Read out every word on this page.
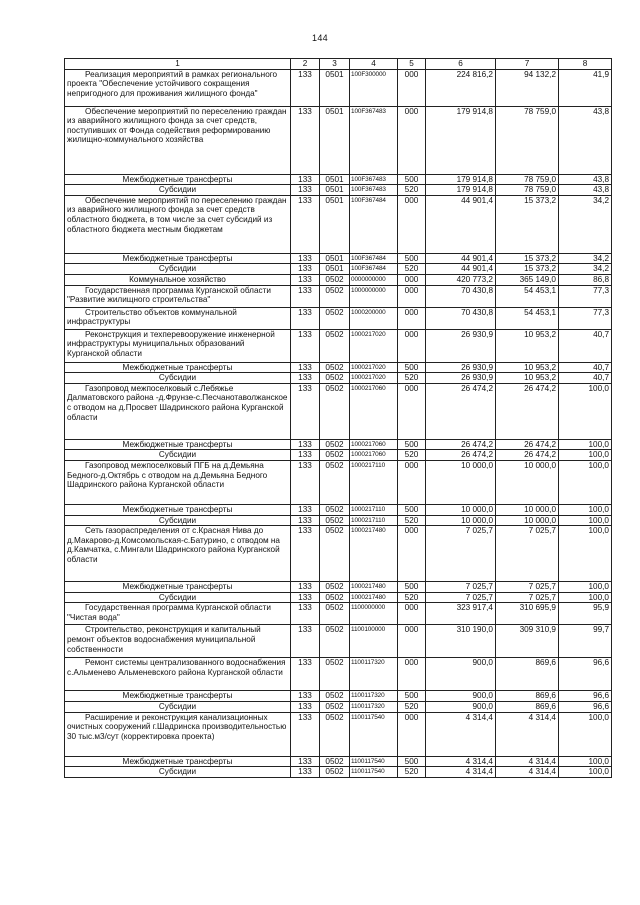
144
1	2	3	4	5	6	7	8

Реализация мероприятий в рамках регионального проекта "Обеспечение устойчивого сокращения непригодного для проживания жилищного фонда"	133	0501	100F300000	000	224 816,2	94 132,2	41,9

Обеспечение мероприятий по переселению граждан из аварийного жилищного фонда за счет средств, поступивших от Фонда содействия реформированию жилищно-коммунального хозяйства	133	0501	100F367483	000	179 914,8	78 759,0	43,8
Межбюджетные трансферты	133	0501	100F367483	500	179 914,8	78 759,0	43,8
Субсидии	133	0501	100F367483	520	179 914,8	78 759,0	43,8

Обеспечение мероприятий по переселению граждан из аварийного жилищного фонда за счет средств областного бюджета, в том числе за счет субсидий из областного бюджета местным бюджетам	133	0501	100F367484	000	44 901,4	15 373,2	34,2
Межбюджетные трансферты	133	0501	100F367484	500	44 901,4	15 373,2	34,2
Субсидии	133	0501	100F367484	520	44 901,4	15 373,2	34,2
Коммунальное хозяйство	133	0502	0000000000	000	420 773,2	365 149,0	86,8

Государственная программа Курганской области "Развитие жилищного строительства"	133	0502	1000000000	000	70 430,8	54 453,1	77,3

Строительство объектов коммунальной инфраструктуры	133	0502	1000200000	000	70 430,8	54 453,1	77,3

Реконструкция и техперевооружение инженерной инфраструктуры муниципальных образований Курганской области	133	0502	1000217020	000	26 930,9	10 953,2	40,7
Межбюджетные трансферты	133	0502	1000217020	500	26 930,9	10 953,2	40,7
Субсидии	133	0502	1000217020	520	26 930,9	10 953,2	40,7

Газопровод межпоселковый с.Лебяжье Далматовского района -д.Фрунзе-с.Песчанотаволжанское с отводом на д.Просвет Шадринского района Курганской области	133	0502	1000217060	000	26 474,2	26 474,2	100,0
Межбюджетные трансферты	133	0502	1000217060	500	26 474,2	26 474,2	100,0
Субсидии	133	0502	1000217060	520	26 474,2	26 474,2	100,0

Газопровод межпоселковый ПГБ на д.Демьяна Бедного-д.Октябрь с отводом на д.Демьяна Бедного Шадринского района Курганской области	133	0502	1000217110	000	10 000,0	10 000,0	100,0
Межбюджетные трансферты	133	0502	1000217110	500	10 000,0	10 000,0	100,0
Субсидии	133	0502	1000217110	520	10 000,0	10 000,0	100,0

Сеть газораспределения от с.Красная Нива до д.Макарово-д.Комсомольская-с.Батурино, с отводом на д.Камчатка, с.Мингали Шадринского района Курганской области	133	0502	1000217480	000	7 025,7	7 025,7	100,0
Межбюджетные трансферты	133	0502	1000217480	500	7 025,7	7 025,7	100,0
Субсидии	133	0502	1000217480	520	7 025,7	7 025,7	100,0

Государственная программа Курганской области "Чистая вода"	133	0502	1100000000	000	323 917,4	310 695,9	95,9

Строительство, реконструкция и капитальный ремонт объектов водоснабжения муниципальной собственности	133	0502	1100100000	000	310 190,0	309 310,9	99,7

Ремонт системы централизованного водоснабжения с.Альменево Альменевского района Курганской области	133	0502	1100117320	000	900,0	869,6	96,6
Межбюджетные трансферты	133	0502	1100117320	500	900,0	869,6	96,6
Субсидии	133	0502	1100117320	520	900,0	869,6	96,6

Расширение и реконструкция канализационных очистных сооружений г.Шадринска производительностью 30 тыс.м3/сут (корректировка проекта)	133	0502	1100117540	000	4 314,4	4 314,4	100,0
Межбюджетные трансферты	133	0502	1100117540	500	4 314,4	4 314,4	100,0
Субсидии	133	0502	1100117540	520	4 314,4	4 314,4	100,0
